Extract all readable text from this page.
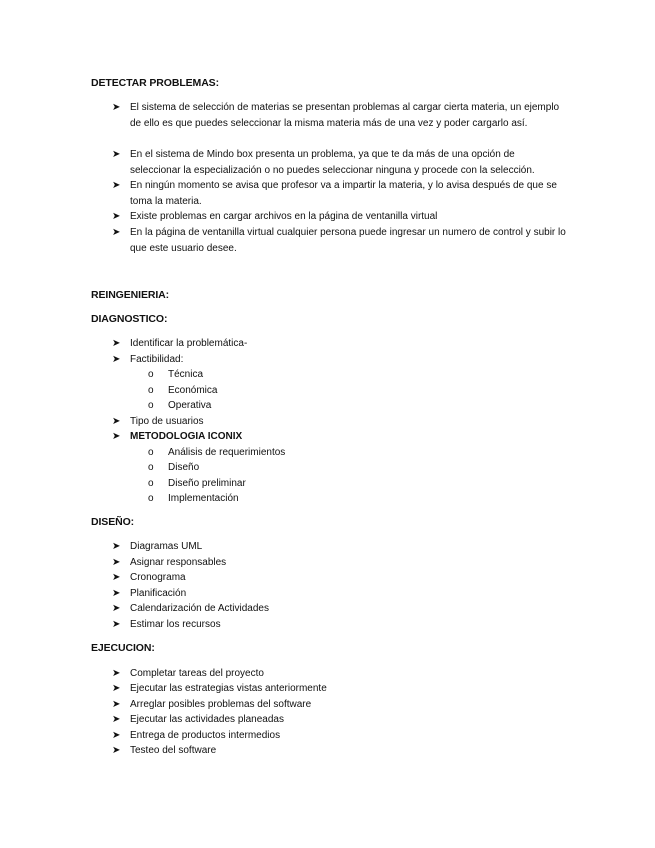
DETECTAR PROBLEMAS:
➤ El sistema de selección de materias se presentan problemas al cargar cierta materia, un ejemplo de ello es que puedes seleccionar la misma materia más de una vez y poder cargarlo así.
➤ En el sistema de Mindo box presenta un problema, ya que te da más de una opción de seleccionar la especialización o no puedes seleccionar ninguna y procede con la selección.
➤ En ningún momento se avisa que profesor va a impartir la materia, y lo avisa después de que se toma la materia.
➤ Existe problemas en cargar archivos en la página de ventanilla virtual
➤ En la página de ventanilla virtual cualquier persona puede ingresar un numero de control y subir lo que este usuario desee.
REINGENIERIA:
DIAGNOSTICO:
➤ Identificar la problemática-
➤ Factibilidad:
o Técnica
o Económica
o Operativa
➤ Tipo de usuarios
➤ METODOLOGIA ICONIX
o Análisis de requerimientos
o Diseño
o Diseño preliminar
o Implementación
DISEÑO:
➤ Diagramas UML
➤ Asignar responsables
➤ Cronograma
➤ Planificación
➤ Calendarización de Actividades
➤ Estimar los recursos
EJECUCION:
➤ Completar tareas del proyecto
➤ Ejecutar las estrategias vistas anteriormente
➤ Arreglar posibles problemas del software
➤ Ejecutar las actividades planeadas
➤ Entrega de productos intermedios
➤ Testeo del software
